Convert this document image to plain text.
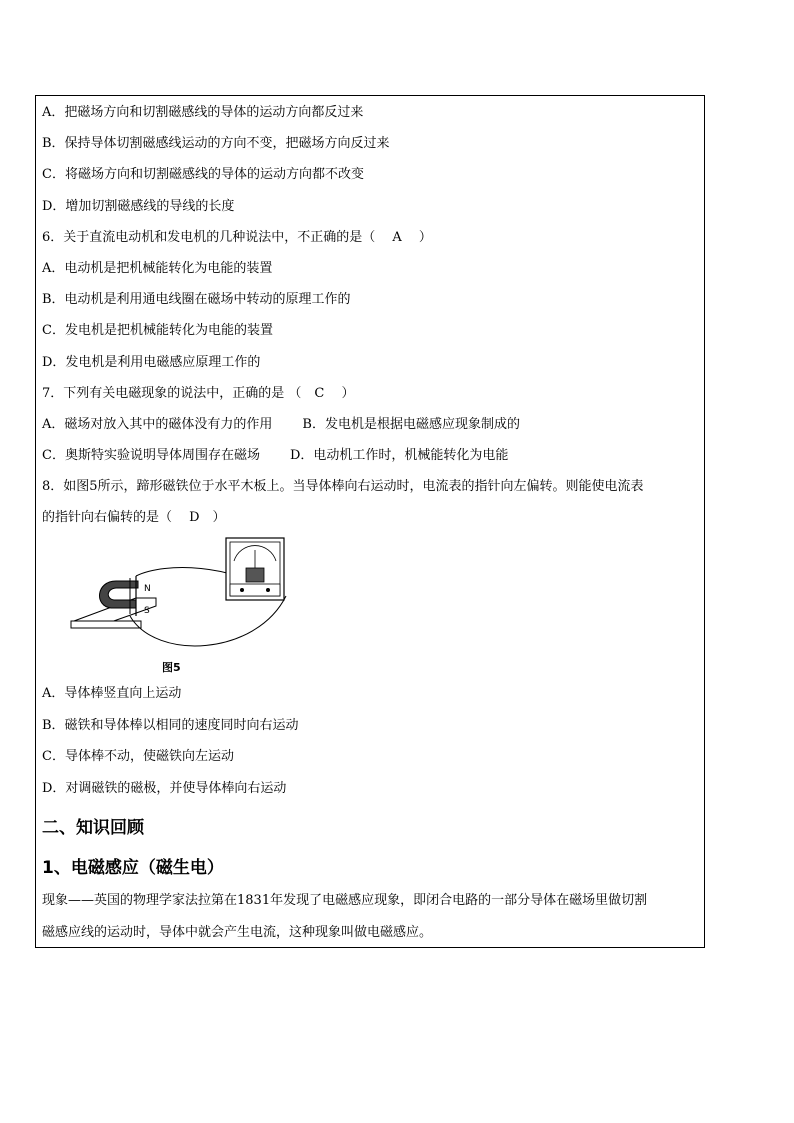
A．把磁场方向和切割磁感线的导体的运动方向都反过来
B．保持导体切割磁感线运动的方向不变，把磁场方向反过来
C．将磁场方向和切割磁感线的导体的运动方向都不改变
D．增加切割磁感线的导线的长度
6．关于直流电动机和发电机的几种说法中，不正确的是（　 A　 ）
A．电动机是把机械能转化为电能的装置
B．电动机是利用通电线圈在磁场中转动的原理工作的
C．发电机是把机械能转化为电能的装置
D．发电机是利用电磁感应原理工作的
7．下列有关电磁现象的说法中，正确的是 （　C　 ）
A．磁场对放入其中的磁体没有力的作用 B．发电机是根据电磁感应现象制成的
C．奥斯特实验说明导体周围存在磁场 D．电动机工作时，机械能转化为电能
8．如图5所示，蹄形磁铁位于水平木板上。当导体棒向右运动时，电流表的指针向左偏转。则能使电流表
的指针向右偏转的是（　 D　）
N
S
图5
A．导体棒竖直向上运动
B．磁铁和导体棒以相同的速度同时向右运动
C．导体棒不动，使磁铁向左运动
D．对调磁铁的磁极，并使导体棒向右运动
二、知识回顾
1、电磁感应（磁生电）
现象——英国的物理学家法拉第在1831年发现了电磁感应现象，即闭合电路的一部分导体在磁场里做切割
磁感应线的运动时，导体中就会产生电流，这种现象叫做电磁感应。
